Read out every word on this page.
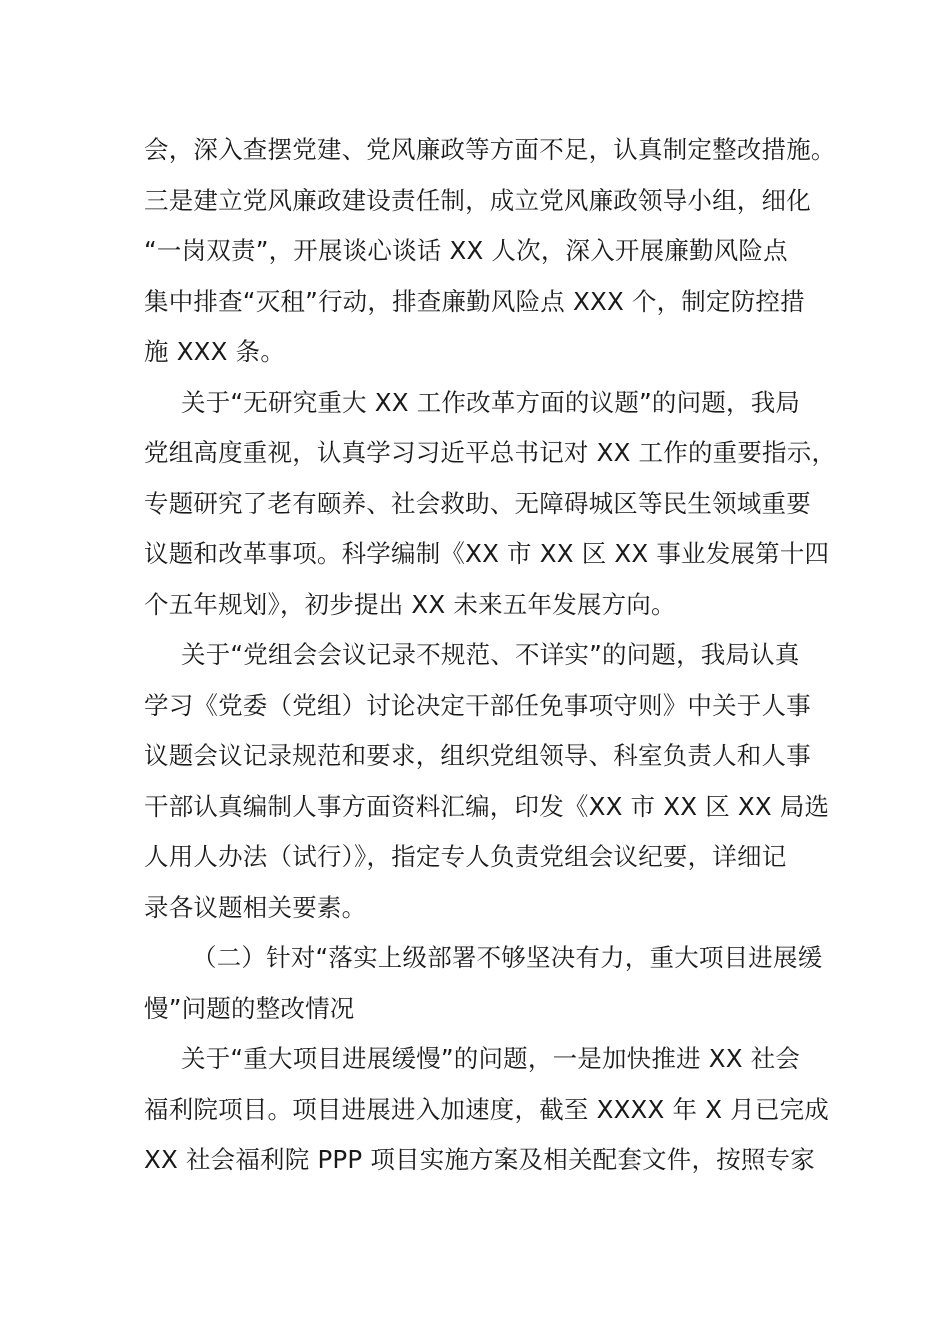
会，深入查摆党建、党风廉政等方面不足，认真制定整改措施。
三是建立党风廉政建设责任制，成立党风廉政领导小组，细化
“一岗双责”，开展谈心谈话 XX 人次，深入开展廉勤风险点
集中排查“灭租”行动，排查廉勤风险点 XXX 个，制定防控措
施 XXX 条。
关于“无研究重大 XX 工作改革方面的议题”的问题，我局
党组高度重视，认真学习习近平总书记对 XX 工作的重要指示，
专题研究了老有颐养、社会救助、无障碍城区等民生领域重要
议题和改革事项。科学编制《XX 市 XX 区 XX 事业发展第十四
个五年规划》，初步提出 XX 未来五年发展方向。
关于“党组会会议记录不规范、不详实”的问题，我局认真
学习《党委（党组）讨论决定干部任免事项守则》中关于人事
议题会议记录规范和要求，组织党组领导、科室负责人和人事
干部认真编制人事方面资料汇编，印发《XX 市 XX 区 XX 局选
人用人办法（试行）》，指定专人负责党组会议纪要，详细记
录各议题相关要素。
（二）针对“落实上级部署不够坚决有力，重大项目进展缓
慢”问题的整改情况
关于“重大项目进展缓慢”的问题，一是加快推进 XX 社会
福利院项目。项目进展进入加速度，截至 XXXX 年 X 月已完成
XX 社会福利院 PPP 项目实施方案及相关配套文件，按照专家
